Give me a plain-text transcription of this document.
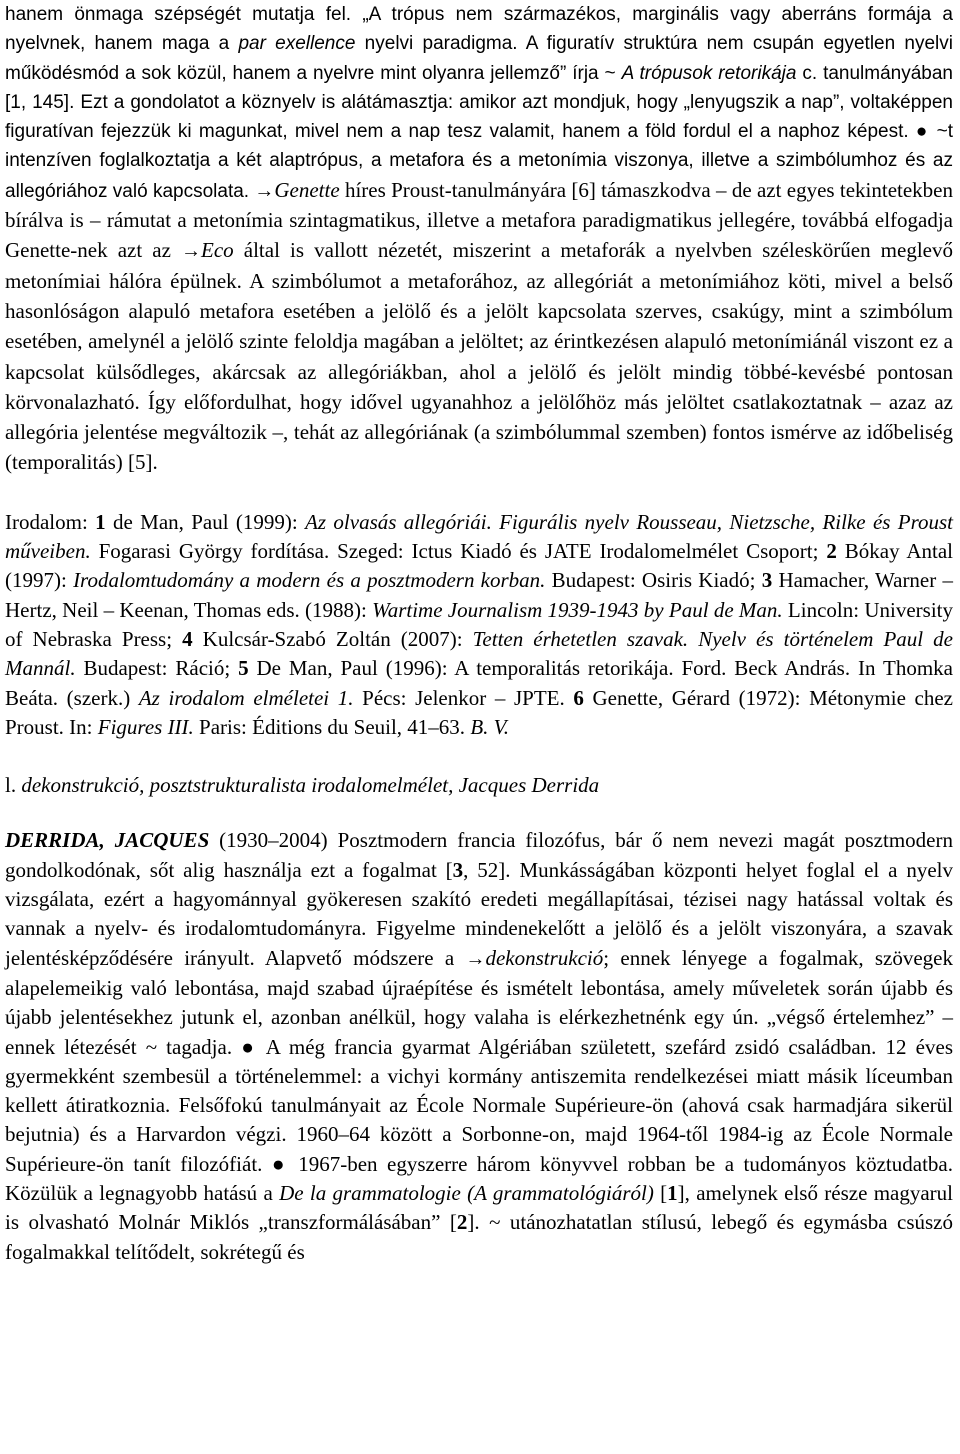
hanem önmaga szépségét mutatja fel. „A trópus nem származékos, marginális vagy aberráns formája a nyelvnek, hanem maga a par exellence nyelvi paradigma. A figuratív struktúra nem csupán egyetlen nyelvi működésmód a sok közül, hanem a nyelvre mint olyanra jellemző” írja ~ A trópusok retorikája c. tanulmányában [1, 145]. Ezt a gondolatot a köznyelv is alátámasztja: amikor azt mondjuk, hogy „lenyugszik a nap”, voltaképpen figuratívan fejezzük ki magunkat, mivel nem a nap tesz valamit, hanem a föld fordul el a naphoz képest. ● ~t intenzíven foglalkoztatja a két alaptrópus, a metafora és a metonímia viszonya, illetve a szimbólumhoz és az allegóriához való kapcsolata. →Genette híres Proust-tanulmányára [6] támaszkodva – de azt egyes tekintetekben bírálva is – rámutat a metonímia szintagmatikus, illetve a metafora paradigmatikus jellegére, továbbá elfogadja Genette-nek azt az →Eco által is vallott nézetét, miszerint a metaforák a nyelvben széleskörűen meglevő metonímiai hálóra épülnek. A szimbólumot a metaforához, az allegóriát a metonímiához köti, mivel a belső hasonlóságon alapuló metafora esetében a jelölő és a jelölt kapcsolata szerves, csakúgy, mint a szimbólum esetében, amelynél a jelölő szinte feloldja magában a jelöltet; az érintkezésen alapuló metonímiánál viszont ez a kapcsolat külsődleges, akárcsak az allegóriákban, ahol a jelölő és jelölt mindig többé-kevésbé pontosan körvonalazható. Így előfordulhat, hogy idővel ugyanahhoz a jelölőhöz más jelöltet csatlakoztatnak – azaz az allegória jelentése megváltozik –, tehát az allegóriának (a szimbólummal szemben) fontos ismérve az időbeliség (temporalitás) [5].

Irodalom: 1 de Man, Paul (1999): Az olvasás allegóriái. Figurális nyelv Rousseau, Nietzsche, Rilke és Proust műveiben. Fogarasi György fordítása. Szeged: Ictus Kiadó és JATE Irodalomelmélet Csoport; 2 Bókay Antal (1997): Irodalomtudomány a modern és a posztmodern korban. Budapest: Osiris Kiadó; 3 Hamacher, Warner – Hertz, Neil – Keenan, Thomas eds. (1988): Wartime Journalism 1939-1943 by Paul de Man. Lincoln: University of Nebraska Press; 4 Kulcsár-Szabó Zoltán (2007): Tetten érhetetlen szavak. Nyelv és történelem Paul de Mannál. Budapest: Ráció; 5 De Man, Paul (1996): A temporalitás retorikája. Ford. Beck András. In Thomka Beáta. (szerk.) Az irodalom elméletei 1. Pécs: Jelenkor – JPTE. 6 Genette, Gérard (1972): Métonymie chez Proust. In: Figures III. Paris: Éditions du Seuil, 41–63. B. V.

l. dekonstrukció, posztstrukturalista irodalomelmélet, Jacques Derrida

DERRIDA, JACQUES (1930–2004) Posztmodern francia filozófus, bár ő nem nevezi magát posztmodern gondolkodónak, sőt alig használja ezt a fogalmat [3, 52]. Munkásságában központi helyet foglal el a nyelv vizsgálata, ezért a hagyománnyal gyökeresen szakító eredeti megállapításai, tézisei nagy hatással voltak és vannak a nyelv- és irodalomtudományra. Figyelme mindenekelőtt a jelölő és a jelölt viszonyára, a szavak jelentésképződésére irányult. Alapvető módszere a →dekonstrukció; ennek lényege a fogalmak, szövegek alapelemeikig való lebontása, majd szabad újraépítése és ismételt lebontása, amely műveletek során újabb és újabb jelentésekhez jutunk el, azonban anélkül, hogy valaha is elérkezhetnénk egy ún. „végső értelemhez” – ennek létezését ~ tagadja. ● A még francia gyarmat Algériában született, szefárd zsidó családban. 12 éves gyermekként szembesül a történelemmel: a vichyi kormány antiszemita rendelkezései miatt másik líceumban kellett átiratkoznia. Felsőfokú tanulmányait az École Normale Supérieure-ön (ahová csak harmadjára sikerül bejutnia) és a Harvardon végzi. 1960–64 között a Sorbonne-on, majd 1964-től 1984-ig az École Normale Supérieure-ön tanít filozófiát. ● 1967-ben egyszerre három könyvvel robban be a tudományos köztudatba. Közülük a legnagyobb hatású a De la grammatologie (A grammatológiáról) [1], amelynek első része magyarul is olvasható Molnár Miklós „transzformálásában” [2]. ~ utánozhatatlan stílusú, lebegő és egymásba csúszó fogalmakkal telítődelt, sokrétegű és
